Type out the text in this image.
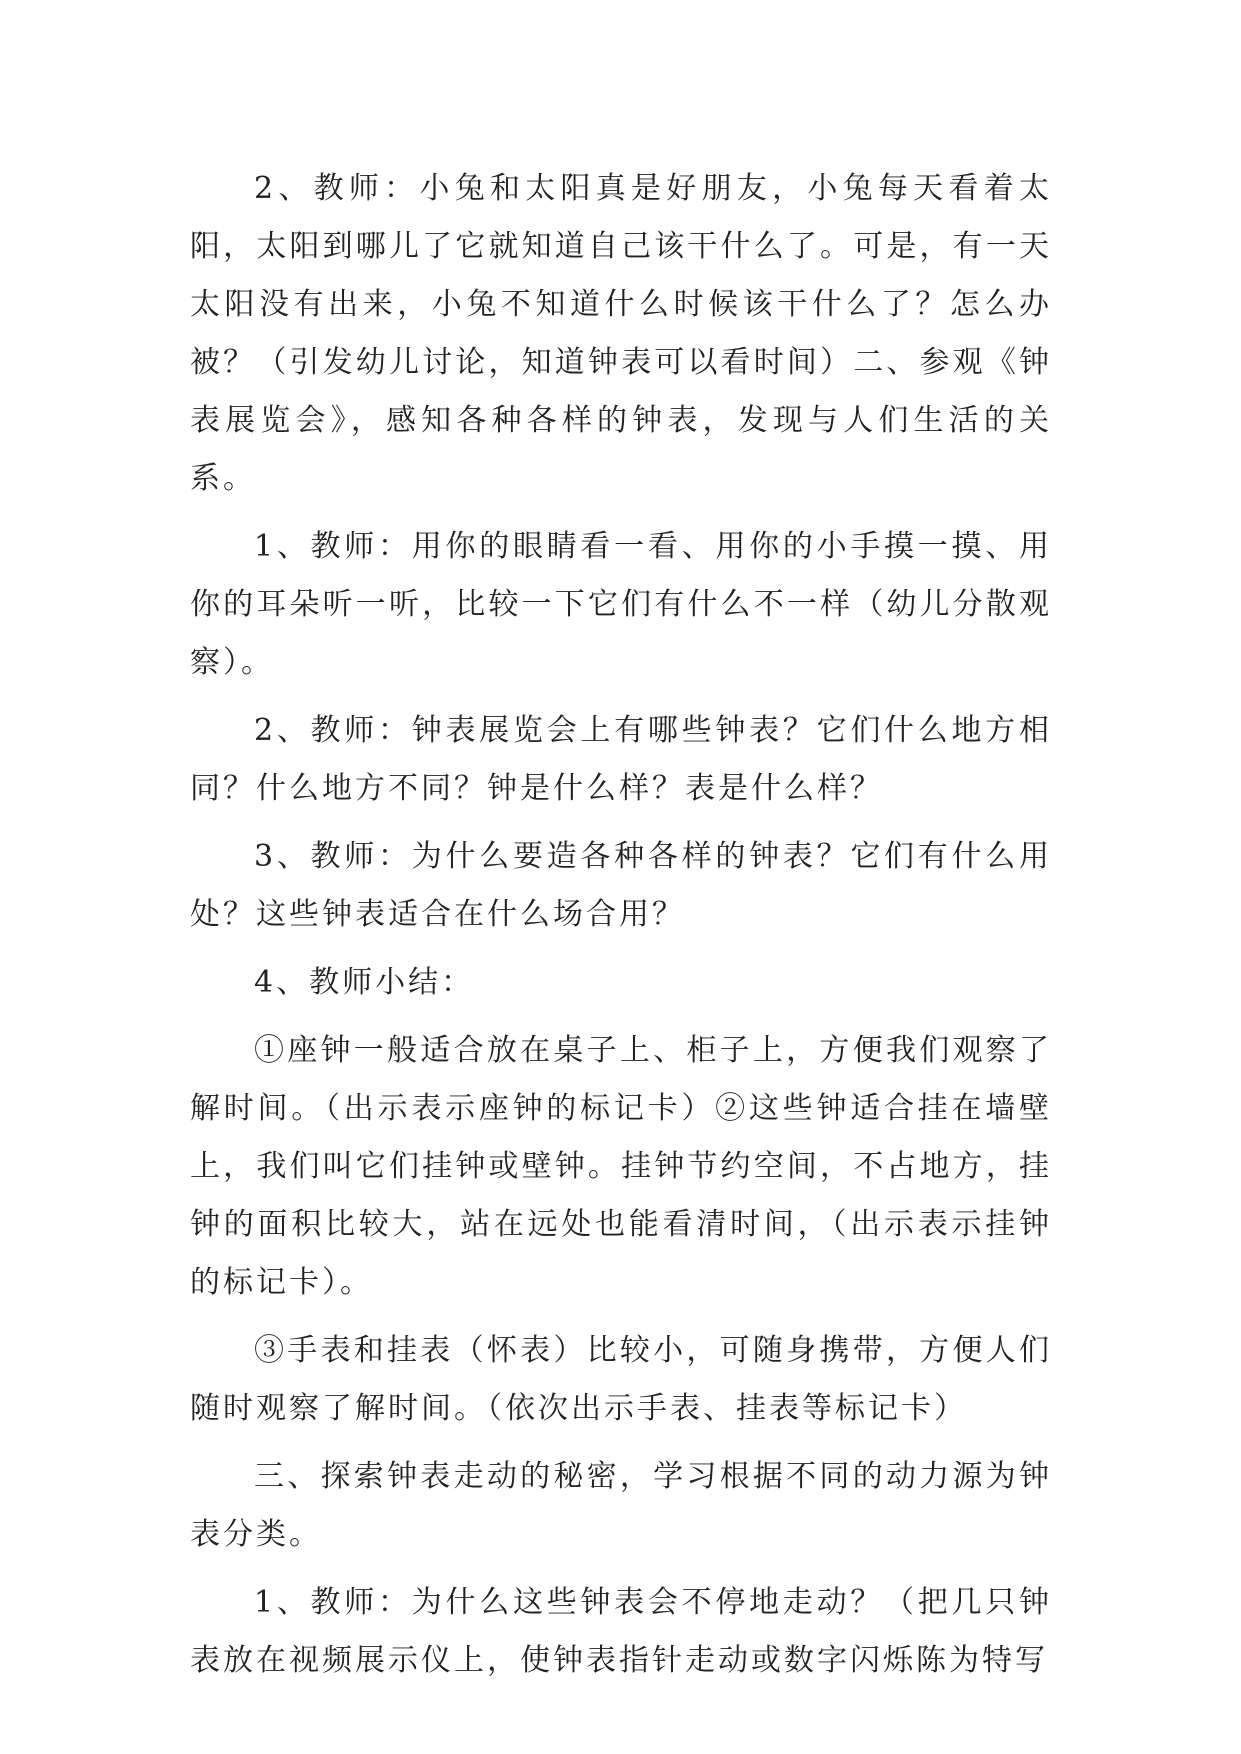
2、教师：小兔和太阳真是好朋友，小兔每天看着太阳，太阳到哪儿了它就知道自己该干什么了。可是，有一天太阳没有出来，小兔不知道什么时候该干什么了？怎么办被？（引发幼儿讨论，知道钟表可以看时间）二、参观《钟表展览会》，感知各种各样的钟表，发现与人们生活的关系。

1、教师：用你的眼睛看一看、用你的小手摸一摸、用你的耳朵听一听，比较一下它们有什么不一样（幼儿分散观察）。

2、教师：钟表展览会上有哪些钟表？它们什么地方相同？什么地方不同？钟是什么样？表是什么样？

3、教师：为什么要造各种各样的钟表？它们有什么用处？这些钟表适合在什么场合用？

4、教师小结：

①座钟一般适合放在桌子上、柜子上，方便我们观察了解时间。（出示表示座钟的标记卡）②这些钟适合挂在墙壁上，我们叫它们挂钟或壁钟。挂钟节约空间，不占地方，挂钟的面积比较大，站在远处也能看清时间，（出示表示挂钟的标记卡）。

③手表和挂表（怀表）比较小，可随身携带，方便人们随时观察了解时间。（依次出示手表、挂表等标记卡）

三、探索钟表走动的秘密，学习根据不同的动力源为钟表分类。

1、教师：为什么这些钟表会不停地走动？（把几只钟表放在视频展示仪上，使钟表指针走动或数字闪烁陈为特写
